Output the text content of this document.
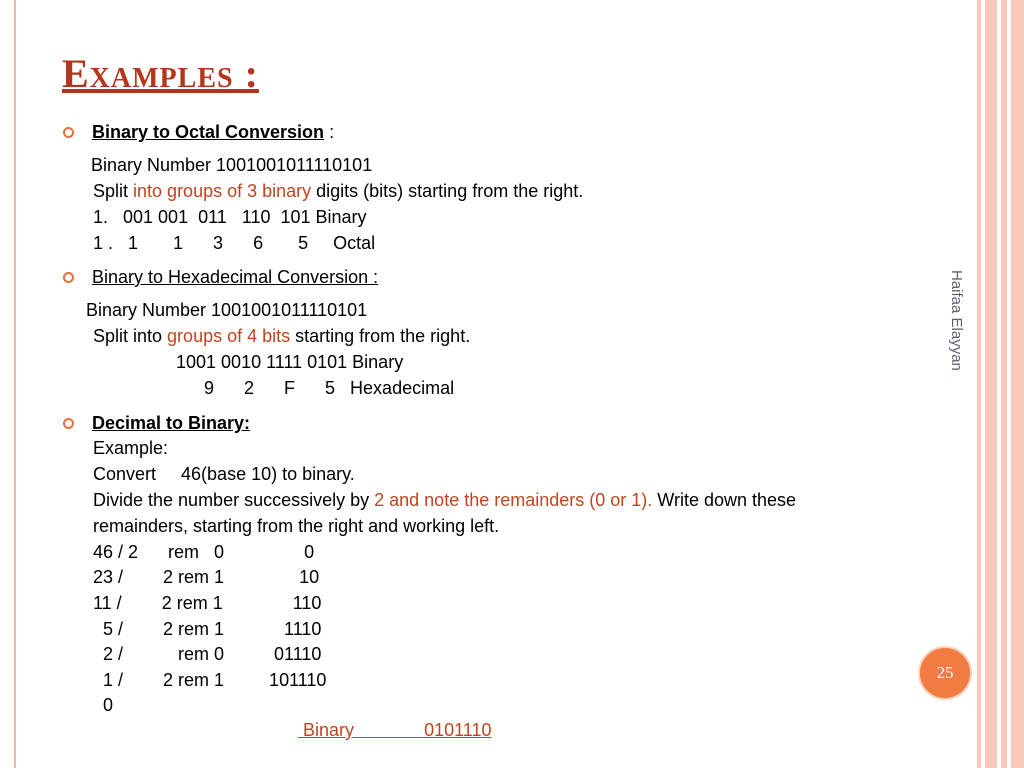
Examples :
Binary to Octal Conversion :
Binary Number 1001001011110101
Split into groups of 3 binary digits (bits) starting from the right.
1.   001 001  011   110  101 Binary
1 .   1       1      3      6       5     Octal
Binary to Hexadecimal Conversion :
Binary Number 1001001011110101
Split into groups of 4 bits starting from the right.
1001 0010 1111 0101 Binary
9      2      F      5   Hexadecimal
Decimal to Binary:
Example:
Convert     46(base 10) to binary.
Divide the number successively by 2 and note the remainders (0 or 1). Write down these
remainders, starting from the right and working left.
46 / 2      rem   0                0
23 /        2 rem 1               10
11 /        2 rem 1              110
5 /        2 rem 1            1110
2 /           rem 0          01110
1 /        2 rem 1         101110
0
Binary	0101110
Haifaa Elayyan
25
